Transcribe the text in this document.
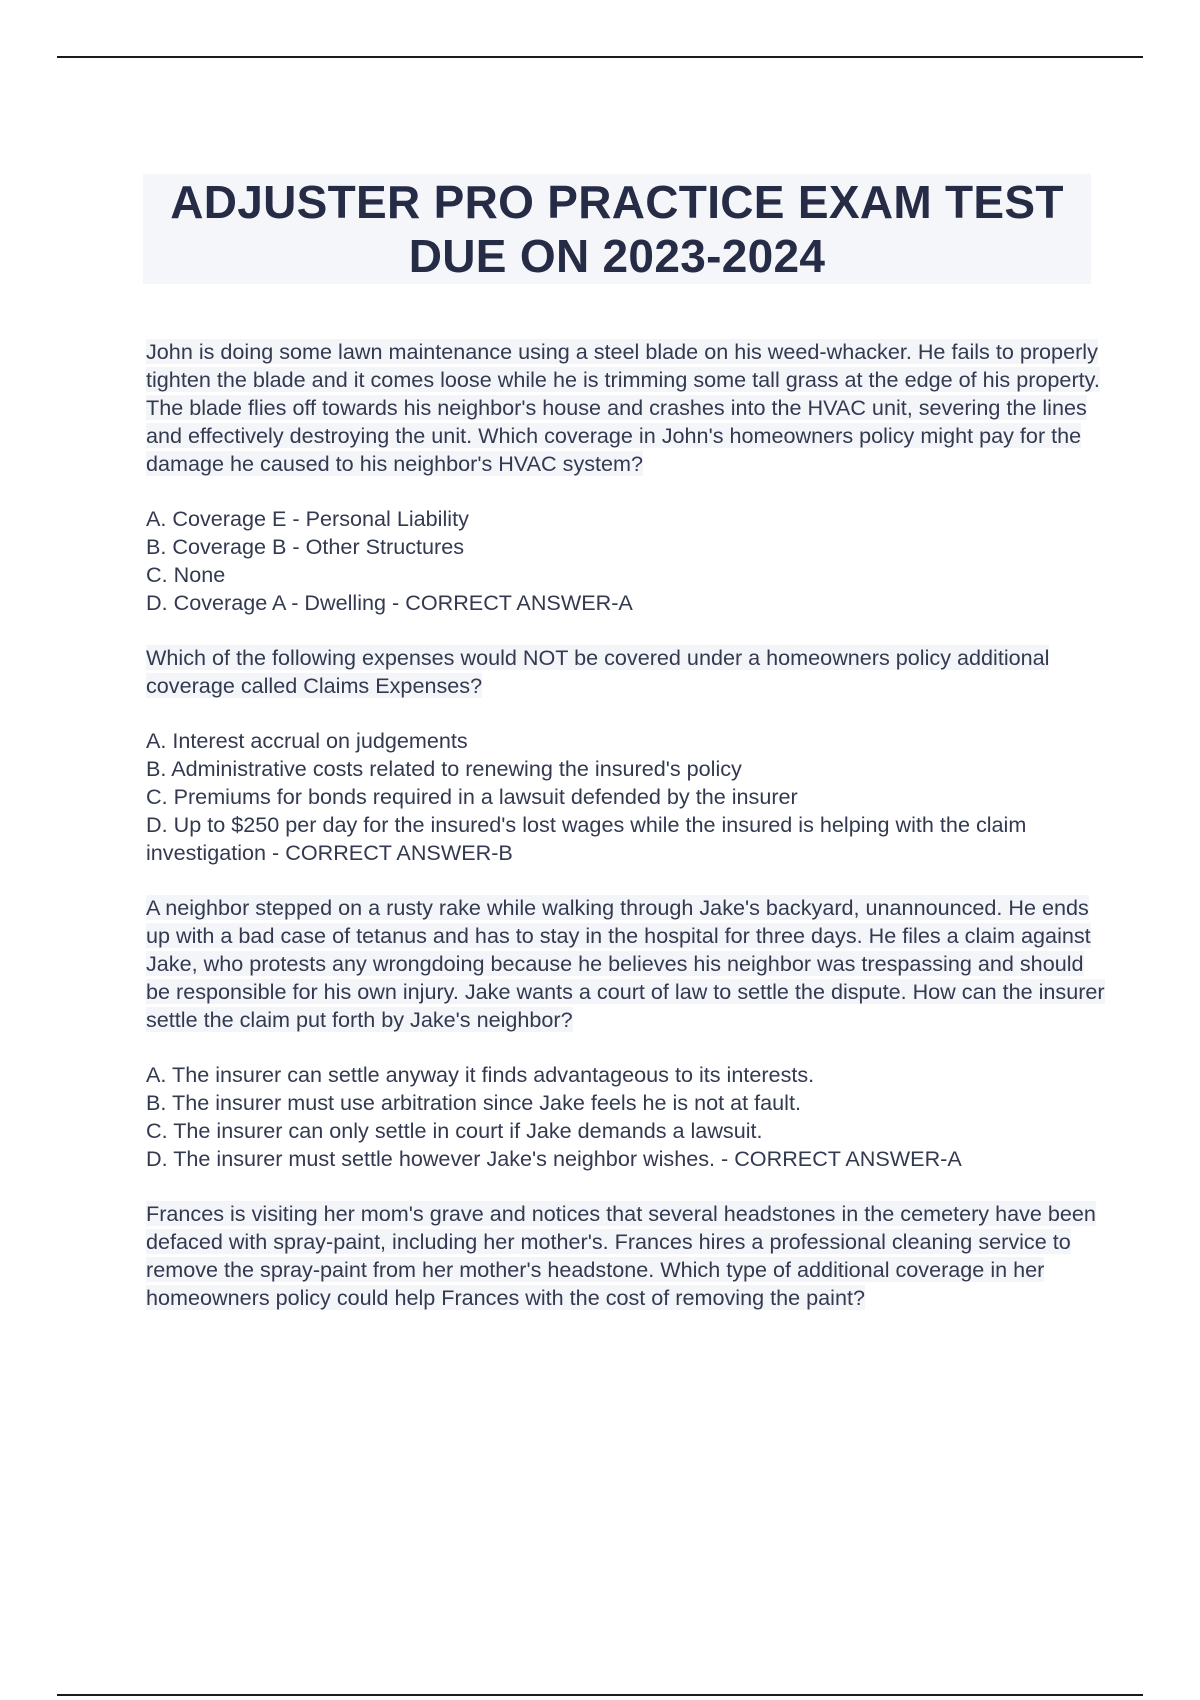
ADJUSTER PRO PRACTICE EXAM TEST
DUE ON 2023-2024

John is doing some lawn maintenance using a steel blade on his weed-whacker. He fails to properly tighten the blade and it comes loose while he is trimming some tall grass at the edge of his property. The blade flies off towards his neighbor's house and crashes into the HVAC unit, severing the lines and effectively destroying the unit. Which coverage in John's homeowners policy might pay for the damage he caused to his neighbor's HVAC system?

A. Coverage E - Personal Liability

B. Coverage B - Other Structures

C. None

D. Coverage A - Dwelling - CORRECT ANSWER-A

Which of the following expenses would NOT be covered under a homeowners policy additional coverage called Claims Expenses?

A. Interest accrual on judgements

B. Administrative costs related to renewing the insured's policy

C. Premiums for bonds required in a lawsuit defended by the insurer

D. Up to $250 per day for the insured's lost wages while the insured is helping with the claim investigation - CORRECT ANSWER-B

A neighbor stepped on a rusty rake while walking through Jake's backyard, unannounced. He ends up with a bad case of tetanus and has to stay in the hospital for three days. He files a claim against Jake, who protests any wrongdoing because he believes his neighbor was trespassing and should be responsible for his own injury. Jake wants a court of law to settle the dispute. How can the insurer settle the claim put forth by Jake's neighbor?

A. The insurer can settle anyway it finds advantageous to its interests.

B. The insurer must use arbitration since Jake feels he is not at fault.

C. The insurer can only settle in court if Jake demands a lawsuit.

D. The insurer must settle however Jake's neighbor wishes. - CORRECT ANSWER-A

Frances is visiting her mom's grave and notices that several headstones in the cemetery have been defaced with spray-paint, including her mother's. Frances hires a professional cleaning service to remove the spray-paint from her mother's headstone. Which type of additional coverage in her homeowners policy could help Frances with the cost of removing the paint?
